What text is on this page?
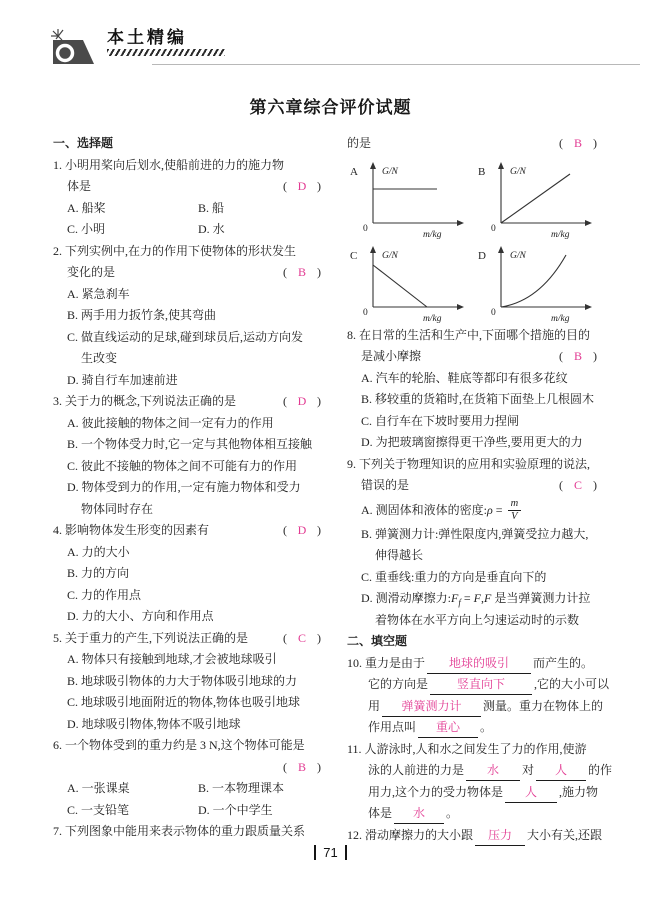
本土精编
第六章综合评价试题
一、选择题
1. 小明用桨向后划水,使船前进的力的施力物
体是	( D )
A. 船桨	B. 船
C. 小明	D. 水
2. 下列实例中,在力的作用下使物体的形状发生
变化的是	( B )
A. 紧急刹车
B. 两手用力扳竹条,使其弯曲
C. 做直线运动的足球,碰到球员后,运动方向发
生改变
D. 骑自行车加速前进
3. 关于力的概念,下列说法正确的是	( D )
A. 彼此接触的物体之间一定有力的作用
B. 一个物体受力时,它一定与其他物体相互接触
C. 彼此不接触的物体之间不可能有力的作用
D. 物体受到力的作用,一定有施力物体和受力
物体同时存在
4. 影响物体发生形变的因素有	( D )
A. 力的大小
B. 力的方向
C. 力的作用点
D. 力的大小、方向和作用点
5. 关于重力的产生,下列说法正确的是	( C )
A. 物体只有接触到地球,才会被地球吸引
B. 地球吸引物体的力大于物体吸引地球的力
C. 地球吸引地面附近的物体,物体也吸引地球
D. 地球吸引物体,物体不吸引地球
6. 一个物体受到的重力约是 3 N,这个物体可能是
( B )
A. 一张课桌	B. 一本物理课本
C. 一支铅笔	D. 一个中学生
7. 下列图象中能用来表示物体的重力跟质量关系
的是	( B )
A	G/N
0
m/kg
B	G/N
0
m/kg
C	G/N
0
m/kg
D	G/N
0
m/kg
8. 在日常的生活和生产中,下面哪个措施的目的
是减小摩擦	( B )
A. 汽车的轮胎、鞋底等都印有很多花纹
B. 移较重的货箱时,在货箱下面垫上几根圆木
C. 自行车在下坡时要用力捏闸
D. 为把玻璃窗擦得更干净些,要用更大的力
9. 下列关于物理知识的应用和实验原理的说法,
错误的是	( C )
A. 测固体和液体的密度:ρ = $\frac{m}{V}$
B. 弹簧测力计:弹性限度内,弹簧受拉力越大,
伸得越长
C. 重垂线:重力的方向是垂直向下的
D. 测滑动摩擦力$:F_f = F,F$ 是当弹簧测力计拉
着物体在水平方向上匀速运动时的示数
二、填空题
10. 重力是由于 地球的吸引 而产生的。
它的方向是 竖直向下 ,它的大小可以
用 弹簧测力计 测量。重力在物体上的
作用点叫 重心 。
11. 人游泳时,人和水之间发生了力的作用,使游
泳的人前进的力是 水 对 人 的作
用力,这个力的受力物体是 人 ,施力物
体是 水 。
12. 滑动摩擦力的大小跟 压力 大小有关,还跟
71
